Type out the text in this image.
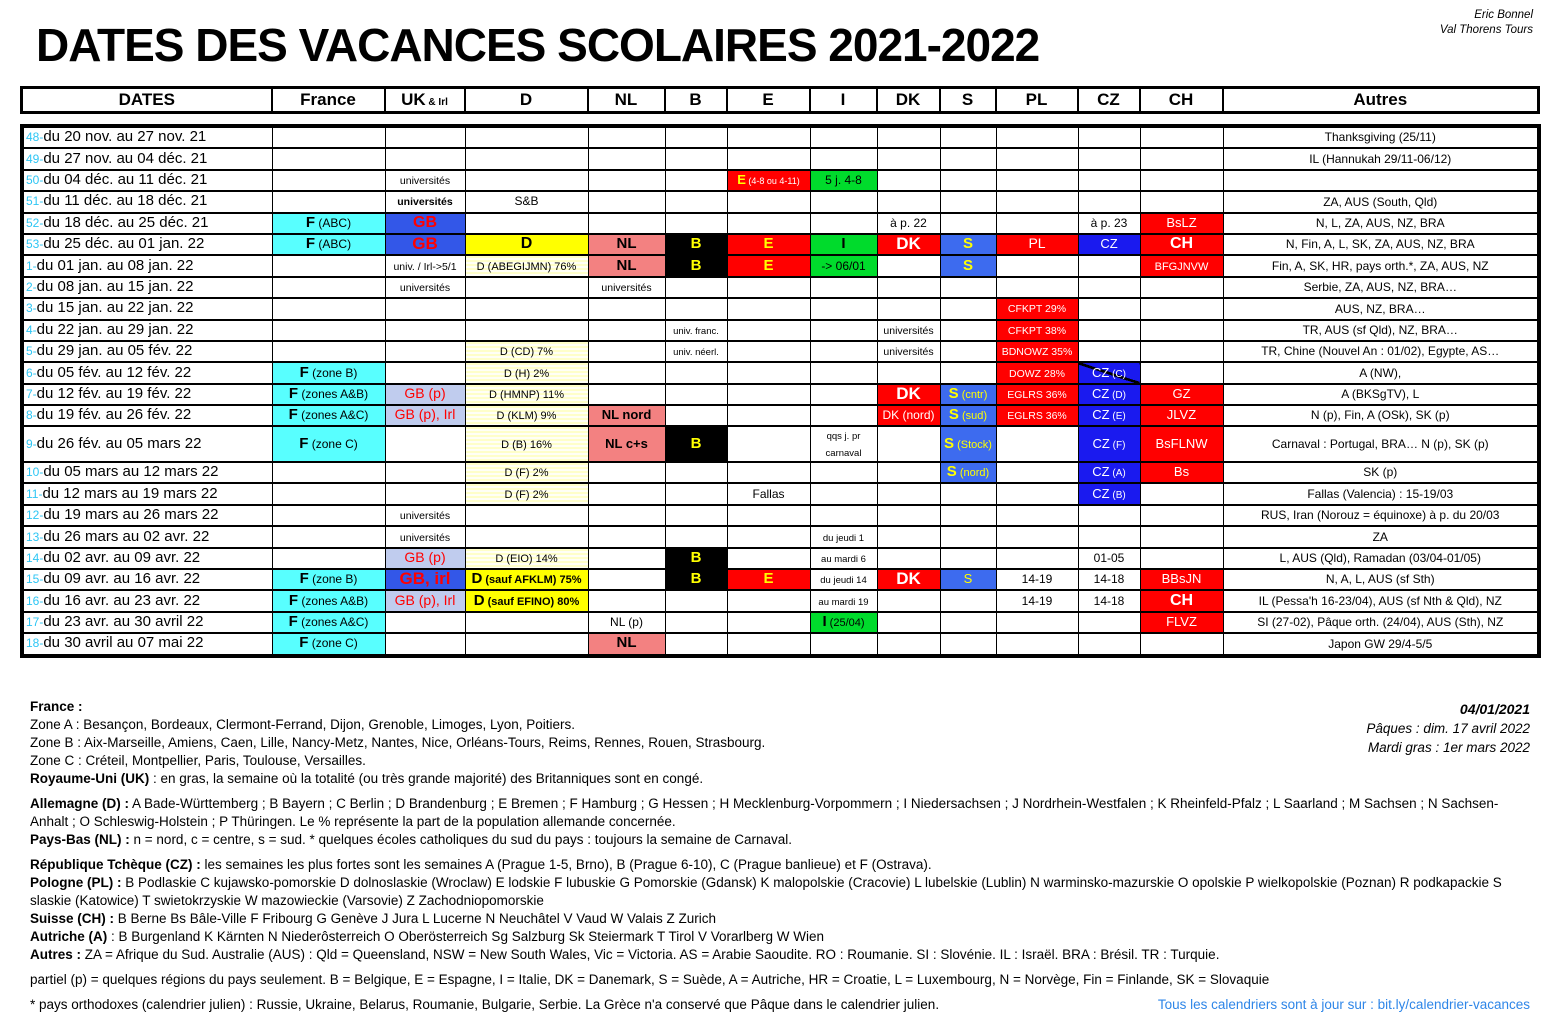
DATES DES VACANCES SCOLAIRES 2021-2022
Eric Bonnel
Val Thorens Tours
DATES	France	UK & Irl	D	NL	B	E	I	DK	S	PL	CZ	CH	Autres
48-du 20 nov. au 27 nov. 21													Thanksgiving (25/11)
49-du 27 nov. au 04 déc. 21													IL (Hannukah 29/11-06/12)
50-du 04 déc. au 11 déc. 21		universités				E (4-8 ou 4-11)	5 j. 4-8						
51-du 11 déc. au 18 déc. 21		universités	S&B										ZA, AUS (South, Qld)
52-du 18 déc. au 25 déc. 21	F (ABC)	GB						à p. 22			à p. 23	BsLZ	N, L, ZA, AUS, NZ, BRA
53-du 25 déc. au 01 jan. 22	F (ABC)	GB	D	NL	B	E	I	DK	S	PL	CZ	CH	N, Fin, A, L, SK, ZA, AUS, NZ, BRA
1-du 01 jan. au 08 jan. 22		univ. / Irl->5/1	D (ABEGIJMN) 76%	NL	B	E	-> 06/01		S			BFGJNVW	Fin, A, SK, HR, pays orth.*, ZA, AUS, NZ
2-du 08 jan. au 15 jan. 22		universités		universités									Serbie, ZA, AUS, NZ, BRA…
3-du 15 jan. au 22 jan. 22										CFKPT 29%			AUS, NZ, BRA…
4-du 22 jan. au 29 jan. 22					univ. franc.			universités		CFKPT 38%			TR, AUS (sf Qld), NZ, BRA…
5-du 29 jan. au 05 fév. 22			D (CD) 7%		univ. néerl.			universités		BDNOWZ 35%			TR, Chine (Nouvel An : 01/02), Egypte, AS…
6-du 05 fév. au 12 fév. 22	F (zone B)		D (H) 2%							DOWZ 28%	CZ (C)		A (NW),
7-du 12 fév. au 19 fév. 22	F (zones A&B)	GB (p)	D (HMNP) 11%					DK	S (cntr)	EGLRS 36%	CZ (D)	GZ	A (BKSgTV), L
8-du 19 fév. au 26 fév. 22	F (zones A&C)	GB (p), Irl	D (KLM) 9%	NL nord				DK (nord)	S (sud)	EGLRS 36%	CZ (E)	JLVZ	N (p), Fin, A (OSk), SK (p)
9-du 26 fév. au 05 mars 22	F (zone C)		D (B) 16%	NL c+s	B		qqs j. pr carnaval		S (Stock)		CZ (F)	BsFLNW	Carnaval : Portugal, BRA… N (p), SK (p)
10-du 05 mars au 12 mars 22			D (F) 2%						S (nord)		CZ (A)	Bs	SK (p)
11-du 12 mars au 19 mars 22			D (F) 2%			Fallas					CZ (B)		Fallas (Valencia) : 15-19/03
12-du 19 mars au 26 mars 22		universités											RUS, Iran (Norouz = équinoxe) à p. du 20/03
13-du 26 mars au 02 avr. 22		universités					du jeudi 1						ZA
14-du 02 avr. au 09 avr. 22		GB (p)	D (EIO) 14%		B		au mardi 6				01-05		L, AUS (Qld), Ramadan (03/04-01/05)
15-du 09 avr. au 16 avr. 22	F (zone B)	GB, irl	D (sauf AFKLM) 75%		B	E	du jeudi 14	DK	S	14-19	14-18	BBsJN	N, A, L, AUS (sf Sth)
16-du 16 avr. au 23 avr. 22	F (zones A&B)	GB (p), Irl	D (sauf EFINO) 80%				au mardi 19			14-19	14-18	CH	IL (Pessa'h 16-23/04), AUS (sf Nth & Qld), NZ
17-du 23 avr. au 30 avril 22	F (zones A&C)			NL (p)			I (25/04)					FLVZ	SI (27-02), Pâque orth. (24/04), AUS (Sth), NZ
18-du 30 avril au 07 mai 22	F (zone C)			NL									Japon GW 29/4-5/5
France :
Zone A : Besançon, Bordeaux, Clermont-Ferrand, Dijon, Grenoble, Limoges, Lyon, Poitiers.
Zone B : Aix-Marseille, Amiens, Caen, Lille, Nancy-Metz, Nantes, Nice, Orléans-Tours, Reims, Rennes, Rouen, Strasbourg.
Zone C : Créteil, Montpellier, Paris, Toulouse, Versailles.
Royaume-Uni (UK) : en gras, la semaine où la totalité (ou très grande majorité) des Britanniques sont en congé.
Allemagne (D) : A Bade-Württemberg ; B Bayern ; C Berlin ; D Brandenburg ; E Bremen ; F Hamburg ; G Hessen ; H Mecklenburg-Vorpommern ; I Niedersachsen ; J Nordrhein-Westfalen ; K Rheinfeld-Pfalz ; L Saarland ; M Sachsen ; N Sachsen-Anhalt ; O Schleswig-Holstein ; P Thüringen. Le % représente la part de la population allemande concernée.
Pays-Bas (NL) : n = nord, c = centre, s = sud. * quelques écoles catholiques du sud du pays : toujours la semaine de Carnaval.
République Tchèque (CZ) : les semaines les plus fortes sont les semaines A (Prague 1-5, Brno), B (Prague 6-10), C (Prague banlieue) et F (Ostrava).
Pologne (PL) : B Podlaskie C kujawsko-pomorskie D dolnoslaskie (Wroclaw) E lodskie F lubuskie G Pomorskie (Gdansk) K malopolskie (Cracovie) L lubelskie (Lublin) N warminsko-mazurskie O opolskie P wielkopolskie (Poznan) R podkapackie S slaskie (Katowice) T swietokrzyskie W mazowieckie (Varsovie) Z Zachodniopomorskie
Suisse (CH) : B Berne Bs Bâle-Ville F Fribourg G Genève J Jura L Lucerne N Neuchâtel V Vaud W Valais Z Zurich
Autriche (A) : B Burgenland K Kärnten N Niederôsterreich O Oberösterreich Sg Salzburg Sk Steiermark T Tirol V Vorarlberg W Wien
Autres : ZA = Afrique du Sud. Australie (AUS) : Qld = Queensland, NSW = New South Wales, Vic = Victoria. AS = Arabie Saoudite. RO : Roumanie. SI : Slovénie. IL : Israël. BRA : Brésil. TR : Turquie.
partiel (p) = quelques régions du pays seulement. B = Belgique, E = Espagne, I = Italie, DK = Danemark, S = Suède, A = Autriche, HR = Croatie, L = Luxembourg, N = Norvège, Fin = Finlande, SK = Slovaquie
* pays orthodoxes (calendrier julien) : Russie, Ukraine, Belarus, Roumanie, Bulgarie, Serbie. La Grèce n'a conservé que Pâque dans le calendrier julien.	Tous les calendriers sont à jour sur : bit.ly/calendrier-vacances
04/01/2021
Pâques : dim. 17 avril 2022
Mardi gras : 1er mars 2022
